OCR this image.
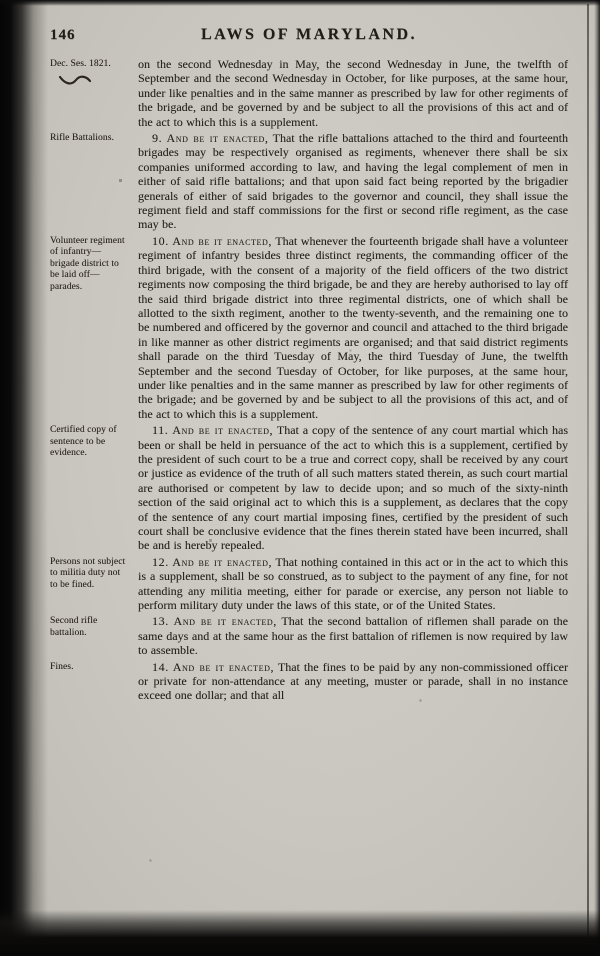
146	LAWS OF MARYLAND.
Dec. Ses. 1821.	on the second Wednesday in May, the second Wednesday in June, the twelfth of September and the second Wednesday in October, for like purposes, at the same hour, under like penalties and in the same manner as prescribed by law for other regiments of the brigade, and be governed by and be subject to all the provisions of this act and of the act to which this is a supplement.

Rifle Battalions.	9. And be it enacted, That the rifle battalions attached to the third and fourteenth brigades may be respectively organised as regiments, whenever there shall be six companies uniformed according to law, and having the legal complement of men in either of said rifle battalions; and that upon said fact being reported by the brigadier generals of either of said brigades to the governor and council, they shall issue the regiment field and staff commissions for the first or second rifle regiment, as the case may be.

Volunteer regiment of infantry—brigade district to be laid off—parades.

10. And be it enacted, That whenever the fourteenth brigade shall have a volunteer regiment of infantry besides three distinct regiments, the commanding officer of the third brigade, with the consent of a majority of the field officers of the two district regiments now composing the third brigade, be and they are hereby authorised to lay off the said third brigade district into three regimental districts, one of which shall be allotted to the sixth regiment, another to the twenty-seventh, and the remaining one to be numbered and officered by the governor and council and attached to the third brigade in like manner as other district regiments are organised; and that said district regiments shall parade on the third Tuesday of May, the third Tuesday of June, the twelfth September and the second Tuesday of October, for like purposes, at the same hour, under like penalties and in the same manner as prescribed by law for other regiments of the brigade; and be governed by and be subject to all the provisions of this act, and of the act to which this is a supplement.

Certified copy of sentence to be evidence.

11. And be it enacted, That a copy of the sentence of any court martial which has been or shall be held in persuance of the act to which this is a supplement, certified by the president of such court to be a true and correct copy, shall be received by any court or justice as evidence of the truth of all such matters stated therein, as such court martial are authorised or competent by law to decide upon; and so much of the sixty-ninth section of the said original act to which this is a supplement, as declares that the copy of the sentence of any court martial imposing fines, certified by the president of such court shall be conclusive evidence that the fines therein stated have been incurred, shall be and is hereby repealed.

Persons not subject to militia duty not to be fined.

12. And be it enacted, That nothing contained in this act or in the act to which this is a supplement, shall be so construed, as to subject to the payment of any fine, for not attending any militia meeting, either for parade or exercise, any person not liable to perform military duty under the laws of this state, or of the United States.

Second rifle battalion.

13. And be it enacted, That the second battalion of riflemen shall parade on the same days and at the same hour as the first battalion of riflemen is now required by law to assemble.

Fines.	14. And be it enacted, That the fines to be paid by any non-commissioned officer or private for non-attendance at any meeting, muster or parade, shall in no instance exceed one dollar; and that all
